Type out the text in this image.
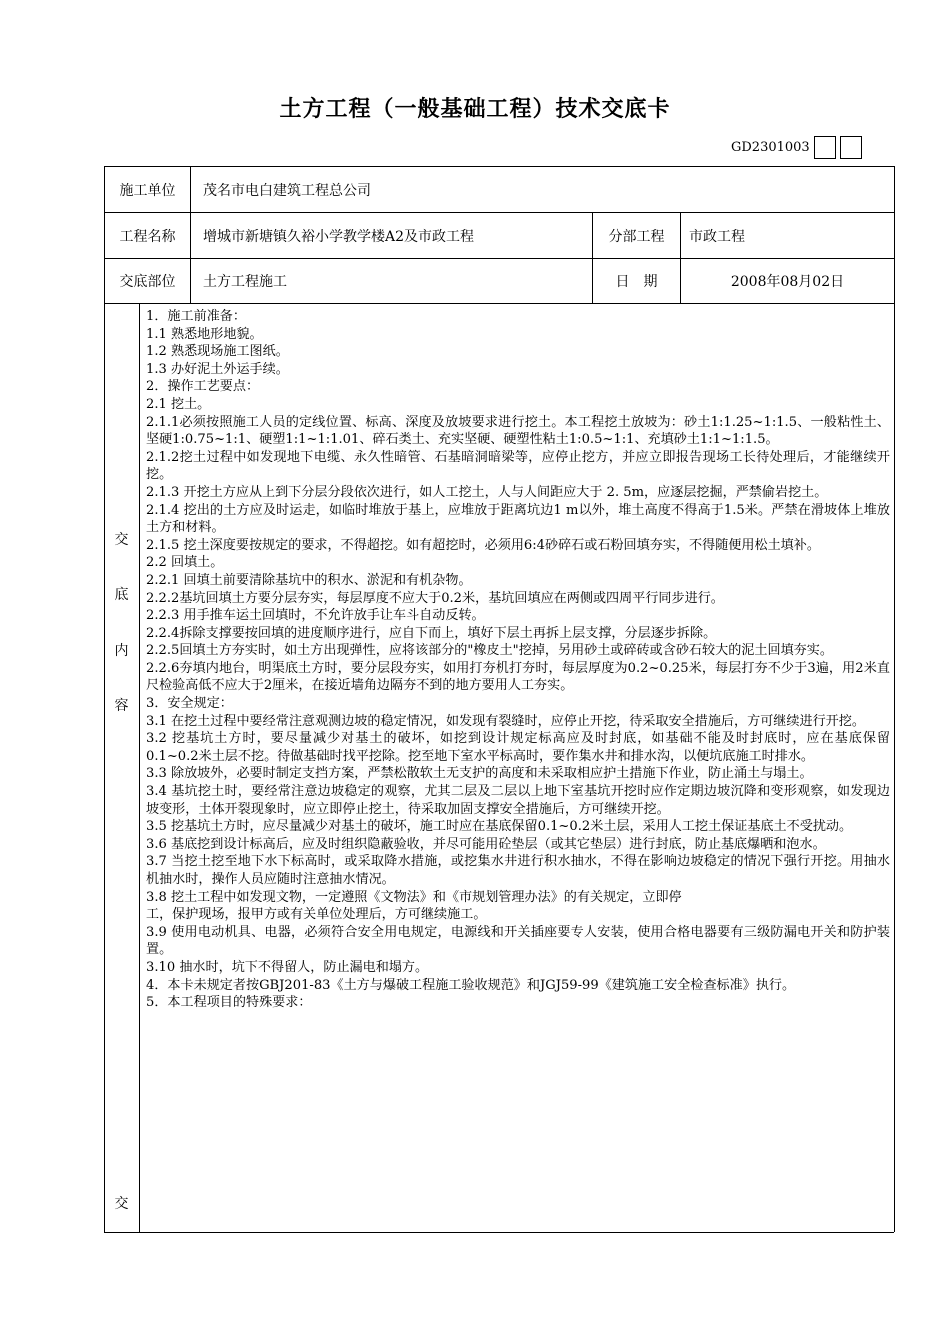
土方工程（一般基础工程）技术交底卡
GD2301003
施工单位	茂名市电白建筑工程总公司
工程名称	增城市新塘镇久裕小学教学楼A2及市政工程	分部工程	市政工程
交底部位	土方工程施工	日　期	2008年08月02日
交
底
内
容
交

1．施工前准备：

1.1 熟悉地形地貌。

1.2 熟悉现场施工图纸。

1.3 办好泥土外运手续。

2．操作工艺要点：

2.1 挖土。

2.1.1必须按照施工人员的定线位置、标高、深度及放坡要求进行挖土。本工程挖土放坡为：砂土1:1.25~1:1.5、一般粘性土、坚硬1:0.75~1:1、硬塑1:1~1:1.01、碎石类土、充实坚硬、硬塑性粘土1:0.5~1:1、充填砂土1:1~1:1.5。

2.1.2挖土过程中如发现地下电缆、永久性暗管、石基暗洞暗梁等，应停止挖方，并应立即报告现场工长待处理后，才能继续开挖。

2.1.3 开挖土方应从上到下分层分段依次进行，如人工挖土，人与人间距应大于 2. 5m，应逐层挖掘，严禁偷岩挖土。

2.1.4 挖出的土方应及时运走，如临时堆放于基上，应堆放于距离坑边1 m以外，堆土高度不得高于1.5米。严禁在滑坡体上堆放土方和材料。

2.1.5 挖土深度要按规定的要求，不得超挖。如有超挖时，必须用6:4砂碎石或石粉回填夯实，不得随便用松土填补。

2.2 回填土。

2.2.1 回填土前要清除基坑中的积水、淤泥和有机杂物。

2.2.2基坑回填土方要分层夯实，每层厚度不应大于0.2米，基坑回填应在两侧或四周平行同步进行。

2.2.3 用手推车运土回填时，不允许放手让车斗自动反转。

2.2.4拆除支撑要按回填的进度顺序进行，应自下而上，填好下层土再拆上层支撑，分层逐步拆除。

2.2.5回填土方夯实时，如土方出现弹性，应将该部分的"橡皮土"挖掉，另用砂土或碎砖或含砂石较大的泥土回填夯实。

2.2.6夯填内地台，明渠底土方时，要分层段夯实，如用打夯机打夯时，每层厚度为0.2~0.25米，每层打夯不少于3遍，用2米直尺检验高低不应大于2厘米，在接近墙角边隔夯不到的地方要用人工夯实。

3．安全规定：

3.1 在挖土过程中要经常注意观测边坡的稳定情况，如发现有裂缝时，应停止开挖，待采取安全措施后，方可继续进行开挖。

3.2 挖基坑土方时，要尽量减少对基土的破坏，如挖到设计规定标高应及时封底，如基础不能及时封底时，应在基底保留0.1~0.2米土层不挖。待做基础时找平挖除。挖至地下室水平标高时，要作集水井和排水沟，以便坑底施工时排水。

3.3 除放坡外，必要时制定支挡方案，严禁松散软土无支护的高度和未采取相应护土措施下作业，防止涌土与塌土。

3.4 基坑挖土时，要经常注意边坡稳定的观察，尤其二层及二层以上地下室基坑开挖时应作定期边坡沉降和变形观察，如发现边坡变形，土体开裂现象时，应立即停止挖土，待采取加固支撑安全措施后，方可继续开挖。

3.5 挖基坑土方时，应尽量减少对基土的破坏，施工时应在基底保留0.1~0.2米土层，采用人工挖土保证基底土不受扰动。

3.6 基底挖到设计标高后，应及时组织隐蔽验收，并尽可能用砼垫层（或其它垫层）进行封底，防止基底爆晒和泡水。

3.7 当挖土挖至地下水下标高时，或采取降水措施，或挖集水井进行积水抽水，不得在影响边坡稳定的情况下强行开挖。用抽水机抽水时，操作人员应随时注意抽水情况。

3.8 挖土工程中如发现文物，一定遵照《文物法》和《市规划管理办法》的有关规定，立即停

工，保护现场，报甲方或有关单位处理后，方可继续施工。

3.9 使用电动机具、电器，必须符合安全用电规定，电源线和开关插座要专人安装，使用合格电器要有三级防漏电开关和防护装置。

3.10 抽水时，坑下不得留人，防止漏电和塌方。

4．本卡未规定者按GBJ201-83《土方与爆破工程施工验收规范》和JGJ59-99《建筑施工安全检查标准》执行。

5．本工程项目的特殊要求：
